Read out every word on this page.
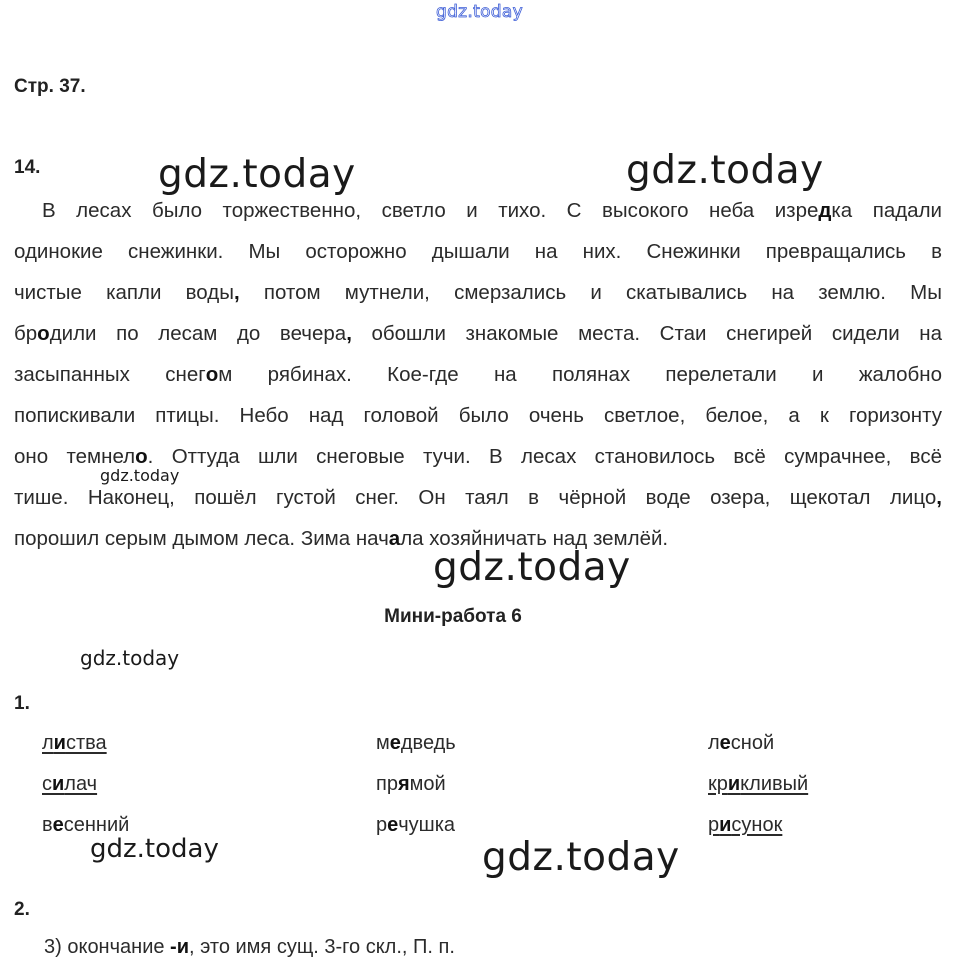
gdz.today
gdz.today	gdz.today
gdz.today
gdz.today
gdz.today
gdz.today	gdz.today
Стр. 37.
14.
В лесах было торжественно, светло и тихо. С высокого неба изредка падали
одинокие снежинки. Мы осторожно дышали на них. Снежинки превращались в
чистые капли воды, потом мутнели, смерзались и скатывались на землю. Мы
бродили по лесам до вечера, обошли знакомые места. Стаи снегирей сидели на
засыпанных снегом рябинах. Кое-где на полянах перелетали и жалобно
попискивали птицы. Небо над головой было очень светлое, белое, а к горизонту
оно темнело. Оттуда шли снеговые тучи. В лесах становилось всё сумрачнее, всё
тише. Наконец, пошёл густой снег. Он таял в чёрной воде озера, щекотал лицо,
порошил серым дымом леса. Зима начала хозяйничать над землёй.
Мини-работа 6
1.
листва	медведь	лесной
силач	прямой	крикливый
весенний	речушка	рисунок
2.
3) окончание -и, это имя сущ. 3-го скл., П. п.
